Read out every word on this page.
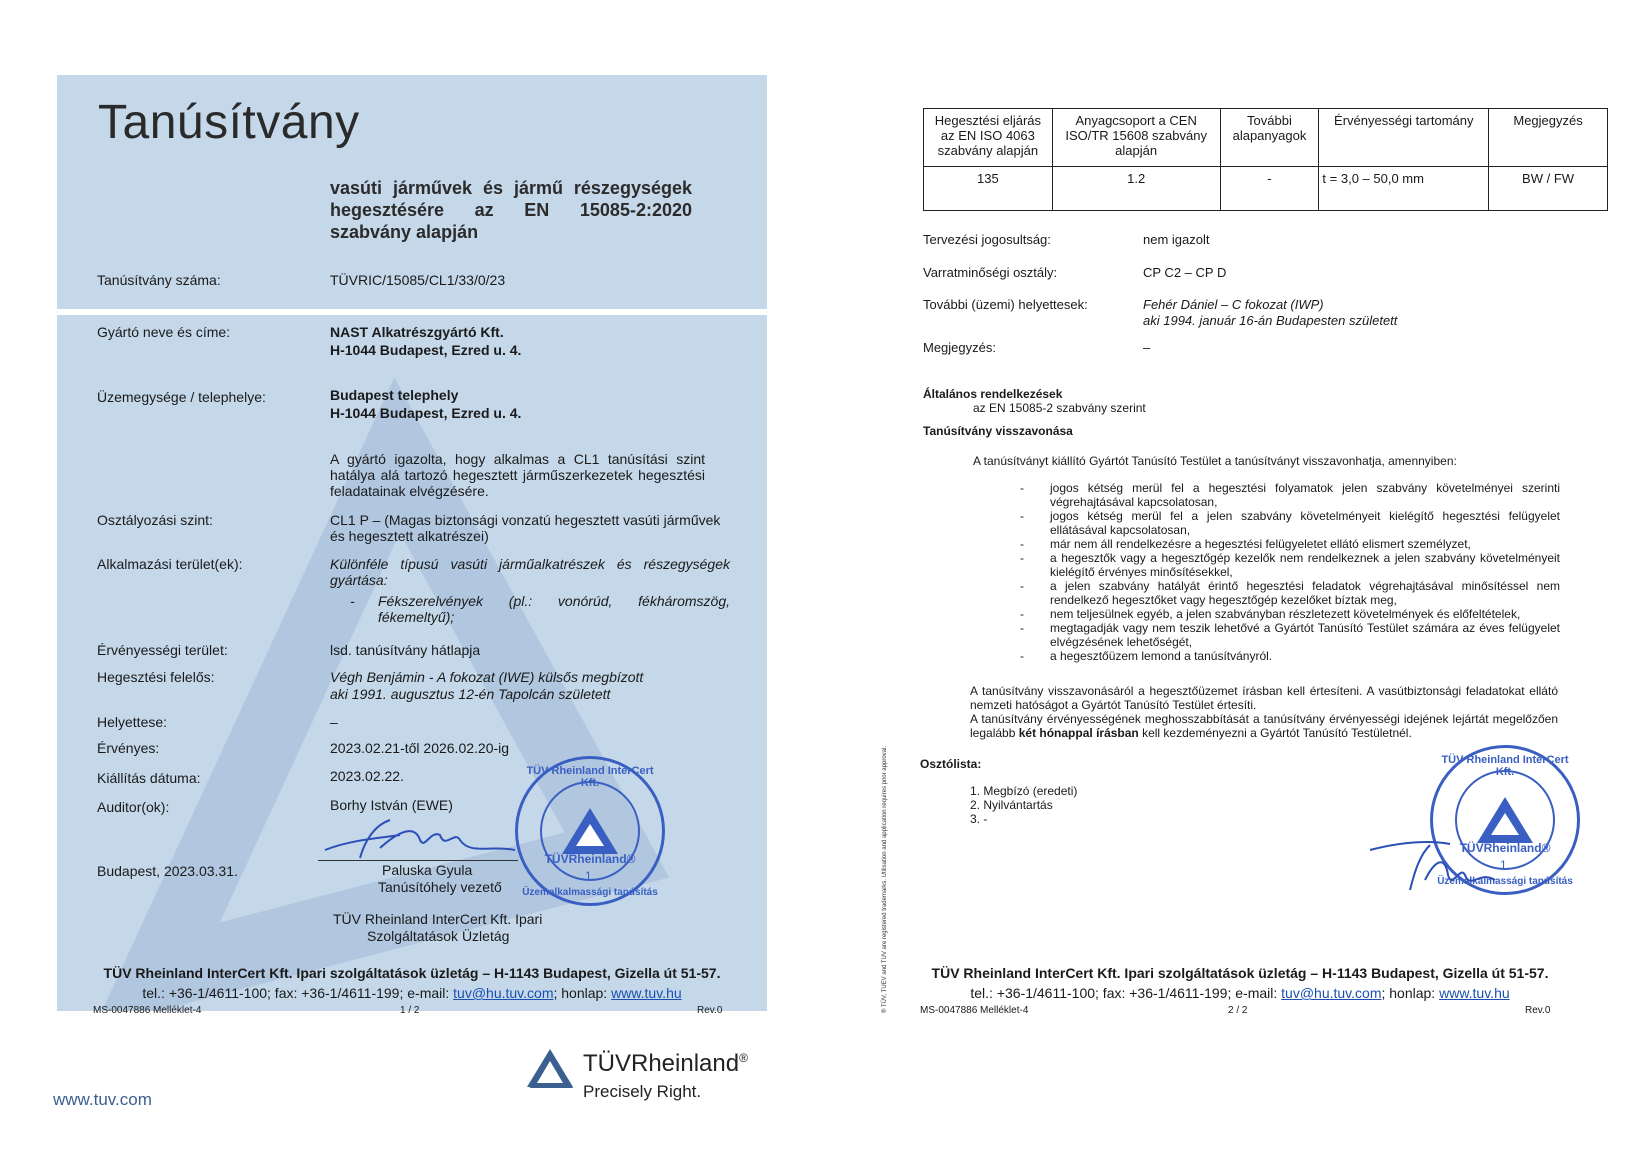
Tanúsítvány
vasúti járművek és jármű részegységek hegesztésére az EN 15085-2:2020 szabvány alapján
Tanúsítvány száma:	TÜVRIC/15085/CL1/33/0/23
Gyártó neve és címe:	NAST Alkatrészgyártó Kft.
H-1044 Budapest, Ezred u. 4.
Üzemegysége / telephelye:	Budapest telephely
H-1044 Budapest, Ezred u. 4.
A gyártó igazolta, hogy alkalmas a CL1 tanúsítási szint hatálya alá tartozó hegesztett járműszerkezetek hegesztési feladatainak elvégzésére.
Osztályozási szint:	CL1 P – (Magas biztonsági vonzatú hegesztett vasúti járművek és hegesztett alkatrészei)
Alkalmazási terület(ek):	Különféle típusú vasúti járműalkatrészek és részegységek gyártása:
- Fékszerelvények (pl.: vonórúd, fékháromszög, fékemeltyű);
Érvényességi terület:	lsd. tanúsítvány hátlapja
Hegesztési felelős:	Végh Benjámin - A fokozat (IWE) külsős megbízott
aki 1991. augusztus 12-én Tapolcán született
Helyettese:	–
Érvényes:	2023.02.21-től 2026.02.20-ig
Kiállítás dátuma:	2023.02.22.
Auditor(ok):	Borhy István (EWE)
Budapest, 2023.03.31.	Paluska Gyula
Tanúsítóhely vezető
TÜV Rheinland InterCert Kft. Ipari
Szolgáltatások Üzletág
TÜV Rheinland InterCert Kft.
TÜVRheinland®
1.
Üzemalkalmassági tanúsítás
TÜV Rheinland InterCert Kft. Ipari szolgáltatások üzletág – H-1143 Budapest, Gizella út 51-57.
tel.: +36-1/4611-100; fax: +36-1/4611-199; e-mail: tuv@hu.tuv.com; honlap: www.tuv.hu
MS-0047886 Melléklet-4	1 / 2	Rev.0	® TÜV, TUEV and TUV are registered trademarks. Utilisation and application requires prior approval.
TÜVRheinland®
Precisely Right.
www.tuv.com
Hegesztési eljárás az EN ISO 4063 szabvány alapján	Anyagcsoport a CEN ISO/TR 15608 szabvány alapján	További alapanyagok	Érvényességi tartomány	Megjegyzés
135	1.2	-	t = 3,0 – 50,0 mm	BW / FW
Tervezési jogosultság:	nem igazolt
Varratminőségi osztály:	CP C2 – CP D
További (üzemi) helyettesek:	Fehér Dániel – C fokozat (IWP)
aki 1994. január 16-án Budapesten született
Megjegyzés:	–
Általános rendelkezések
az EN 15085-2 szabvány szerint
Tanúsítvány visszavonása
A tanúsítványt kiállító Gyártót Tanúsító Testület a tanúsítványt visszavonhatja, amennyiben:
- jogos kétség merül fel a hegesztési folyamatok jelen szabvány követelményei szerinti végrehajtásával kapcsolatosan,
- jogos kétség merül fel a jelen szabvány követelményeit kielégítő hegesztési felügyelet ellátásával kapcsolatosan,
- már nem áll rendelkezésre a hegesztési felügyeletet ellátó elismert személyzet,
- a hegesztők vagy a hegesztőgép kezelők nem rendelkeznek a jelen szabvány követelményeit kielégítő érvényes minősítésekkel,
- a jelen szabvány hatályát érintő hegesztési feladatok végrehajtásával minősítéssel nem rendelkező hegesztőket vagy hegesztőgép kezelőket bíztak meg,
- nem teljesülnek egyéb, a jelen szabványban részletezett követelmények és előfeltételek,
- megtagadják vagy nem teszik lehetővé a Gyártót Tanúsító Testület számára az éves felügyelet elvégzésének lehetőségét,
- a hegesztőüzem lemond a tanúsítványról.
A tanúsítvány visszavonásáról a hegesztőüzemet írásban kell értesíteni. A vasútbiztonsági feladatokat ellátó nemzeti hatóságot a Gyártót Tanúsító Testület értesíti.
A tanúsítvány érvényességének meghosszabbítását a tanúsítvány érvényességi idejének lejártát megelőzően legalább két hónappal írásban kell kezdeményezni a Gyártót Tanúsító Testületnél.
Osztólista:
1. Megbízó (eredeti)
2. Nyilvántartás
3. -
TÜV Rheinland InterCert Kft.
TÜVRheinland®
1.
Üzemalkalmassági tanúsítás
TÜV Rheinland InterCert Kft. Ipari szolgáltatások üzletág – H-1143 Budapest, Gizella út 51-57.
tel.: +36-1/4611-100; fax: +36-1/4611-199; e-mail: tuv@hu.tuv.com; honlap: www.tuv.hu
MS-0047886 Melléklet-4	2 / 2	Rev.0
